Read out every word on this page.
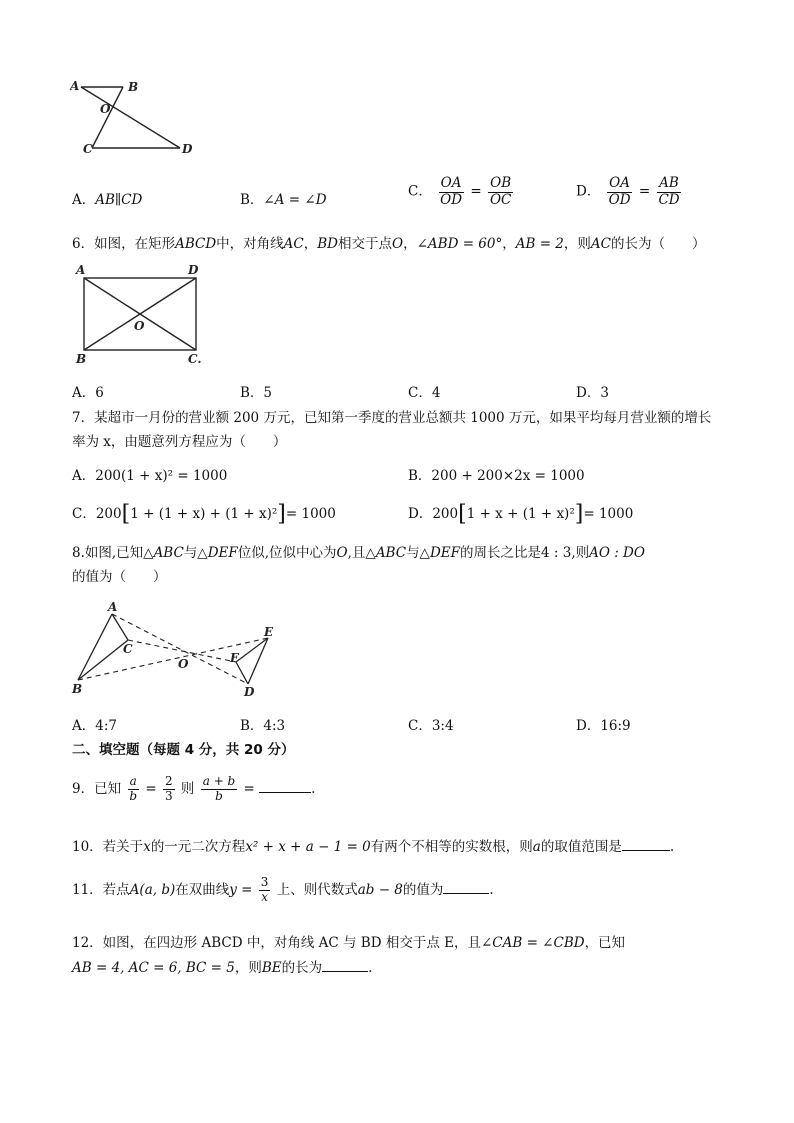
A	B
O
C	D
A．AB∥CD	B．∠A = ∠D
C． $\frac{OA}{OD} = \frac{OB}{OC}$	D． $\frac{OA}{OD} = \frac{AB}{CD}$
6．如图，在矩形ABCD中，对角线AC，BD相交于点O，∠ABD = 60°，AB = 2，则AC的长为（　　）
A	D
O
B	C.
A．6	B．5	C．4	D．3
7．某超市一月份的营业额 200 万元，已知第一季度的营业总额共 1000 万元，如果平均每月营业额的增长
率为 x，由题意列方程应为（　　）
A．200(1 + x)² = 1000	B．200 + 200×2x = 1000
C．200[1 + (1 + x) + (1 + x)²]= 1000	D．200[1 + x + (1 + x)²]= 1000
8.如图,已知△ABC与△DEF位似,位似中心为O,且△ABC与△DEF的周长之比是4 : 3,则AO : DO
的值为（　　）
A
C
B
O
E
F
D
A．4:7	B．4:3	C．3:4	D．16:9
二、填空题（每题 4 分，共 20 分）
9．已知 $\frac{a}{b} = \frac{2}{3}$ 则 $\frac{a + b}{b}$ =	.
10．若关于x的一元二次方程x² + x + a − 1 = 0有两个不相等的实数根，则a的取值范围是	.
11．若点A(a, b)在双曲线$y = \frac{3}{x}$ 上、则代数式ab − 8的值为	.
12．如图，在四边形 ABCD 中，对角线 AC 与 BD 相交于点 E，且∠CAB = ∠CBD，已知
AB = 4, AC = 6, BC = 5，则BE的长为	.
